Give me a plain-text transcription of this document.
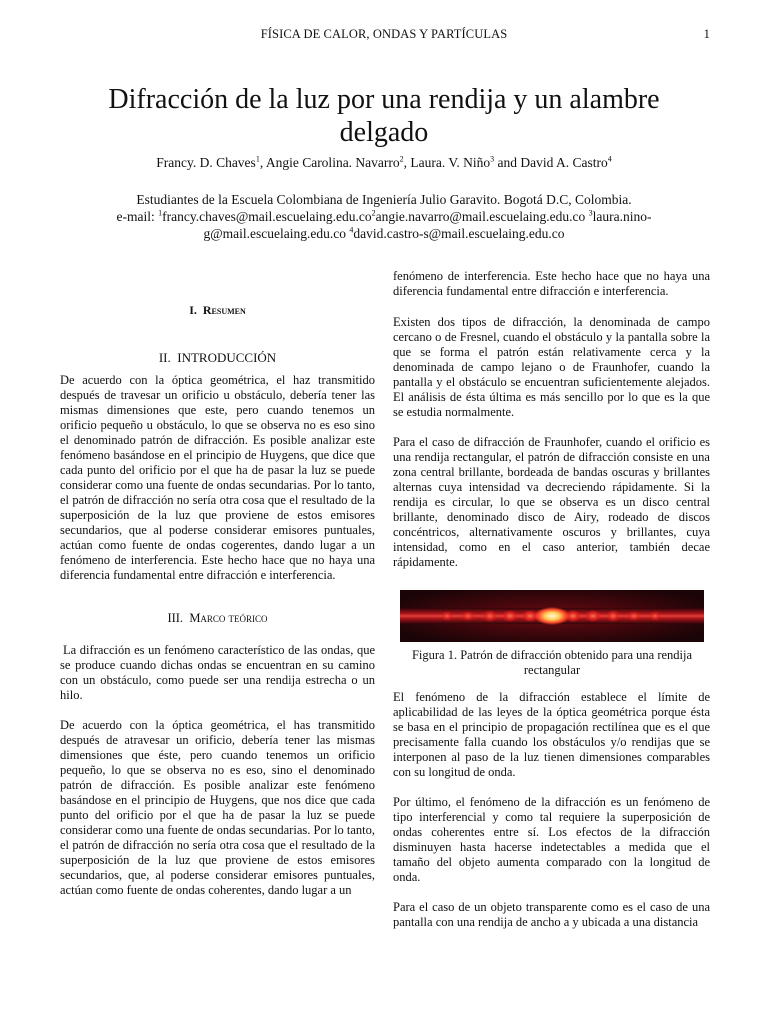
FÍSICA DE CALOR, ONDAS Y PARTÍCULAS	1
Difracción de la luz por una rendija y un alambre delgado
Francy. D. Chaves$^1$, Angie Carolina. Navarro$^2$, Laura. V. Niño$^3$ and David A. Castro$^4$
Estudiantes de la Escuela Colombiana de Ingeniería Julio Garavito. Bogotá D.C, Colombia.
e-mail: $^1francy.chaves@mail.escuelaing.edu.co^2angie.navarro@mail.escuelaing.edu.co$ $^3$laura.nino-g@mail.escuelaing.edu.co $^4$david.castro-s@mail.escuelaing.edu.co
I. Resumen
II. INTRODUCCIÓN

De acuerdo con la óptica geométrica, el haz transmitido después de travesar un orificio u obstáculo, debería tener las mismas dimensiones que este, pero cuando tenemos un orificio pequeño u obstáculo, lo que se observa no es eso sino el denominado patrón de difracción. Es posible analizar este fenómeno basándose en el principio de Huygens, que dice que cada punto del orificio por el que ha de pasar la luz se puede considerar como una fuente de ondas secundarias. Por lo tanto, el patrón de difracción no sería otra cosa que el resultado de la superposición de la luz que proviene de estos emisores secundarios, que al poderse considerar emisores puntuales, actúan como fuente de ondas cogerentes, dando lugar a un fenómeno de interferencia. Este hecho hace que no haya una diferencia fundamental entre difracción e interferencia.

III. Marco teórico

La difracción es un fenómeno característico de las ondas, que se produce cuando dichas ondas se encuentran en su camino con un obstáculo, como puede ser una rendija estrecha o un hilo.

De acuerdo con la óptica geométrica, el has transmitido después de atravesar un orificio, debería tener las mismas dimensiones que éste, pero cuando tenemos un orificio pequeño, lo que se observa no es eso, sino el denominado patrón de difracción. Es posible analizar este fenómeno basándose en el principio de Huygens, que nos dice que cada punto del orificio por el que ha de pasar la luz se puede considerar como una fuente de ondas secundarias. Por lo tanto, el patrón de difracción no sería otra cosa que el resultado de la superposición de la luz que proviene de estos emisores secundarios, que, al poderse considerar emisores puntuales, actúan como fuente de ondas coherentes, dando lugar a un

fenómeno de interferencia. Este hecho hace que no haya una diferencia fundamental entre difracción e interferencia.

Existen dos tipos de difracción, la denominada de campo cercano o de Fresnel, cuando el obstáculo y la pantalla sobre la que se forma el patrón están relativamente cerca y la denominada de campo lejano o de Fraunhofer, cuando la pantalla y el obstáculo se encuentran suficientemente alejados. El análisis de ésta última es más sencillo por lo que es la que se estudia normalmente.

Para el caso de difracción de Fraunhofer, cuando el orificio es una rendija rectangular, el patrón de difracción consiste en una zona central brillante, bordeada de bandas oscuras y brillantes alternas cuya intensidad va decreciendo rápidamente. Si la rendija es circular, lo que se observa es un disco central brillante, denominado disco de Airy, rodeado de discos concéntricos, alternativamente oscuros y brillantes, cuya intensidad, como en el caso anterior, también decae rápidamente.

Figura 1. Patrón de difracción obtenido para una rendija rectangular

El fenómeno de la difracción establece el límite de aplicabilidad de las leyes de la óptica geométrica porque ésta se basa en el principio de propagación rectilínea que es el que precisamente falla cuando los obstáculos y/o rendijas que se interponen al paso de la luz tienen dimensiones comparables con su longitud de onda.

Por último, el fenómeno de la difracción es un fenómeno de tipo interferencial y como tal requiere la superposición de ondas coherentes entre sí. Los efectos de la difracción disminuyen hasta hacerse indetectables a medida que el tamaño del objeto aumenta comparado con la longitud de onda.

Para el caso de un objeto transparente como es el caso de una pantalla con una rendija de ancho a y ubicada a una distancia
